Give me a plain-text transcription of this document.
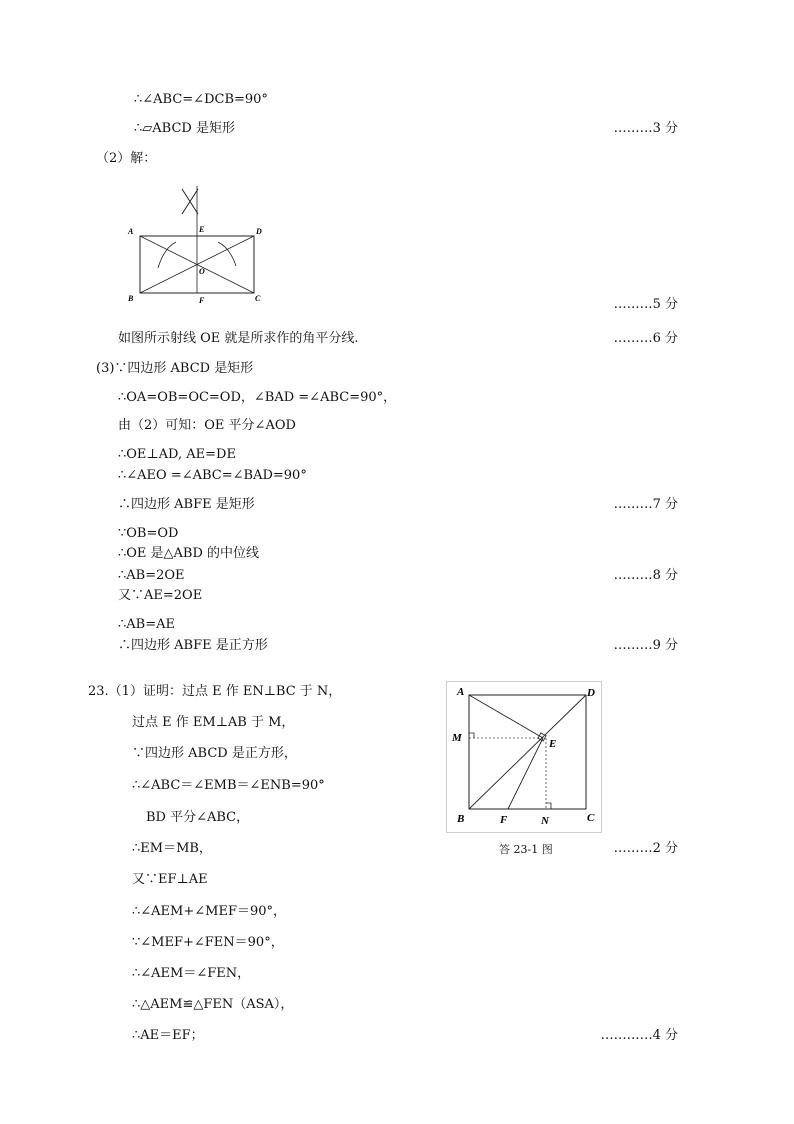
∴∠ABC=∠DCB=90°
∴▱ABCD 是矩形	………3 分
（2）解：
A	D
E
O
B	F	C	………5 分
如图所示射线 OE 就是所求作的角平分线.	………6 分
(3)∵四边形 ABCD 是矩形
∴OA=OB=OC=OD，∠BAD =∠ABC=90°，
由（2）可知：OE 平分∠AOD
∴OE⊥AD, AE=DE
∴∠AEO =∠ABC=∠BAD=90°
∴四边形 ABFE 是矩形	………7 分
∵OB=OD
∴OE 是△ABD 的中位线
∴AB=2OE	………8 分
又∵AE=2OE
∴AB=AE
∴四边形 ABFE 是正方形	………9 分
23.（1）证明：过点 E 作 EN⊥BC 于 N，
过点 E 作 EM⊥AB 于 M，
∵四边形 ABCD 是正方形，
∴∠ABC＝∠EMB＝∠ENB=90°
BD 平分∠ABC，
∴EM＝MB，	………2 分
又∵EF⊥AE
∴∠AEM+∠MEF＝90°，
∵∠MEF+∠FEN＝90°，
∴∠AEM＝∠FEN，
∴△AEM≌△FEN（ASA），
∴AE＝EF；	…………4 分
A	D
M	E
B	F	N	C
答 23-1 图
